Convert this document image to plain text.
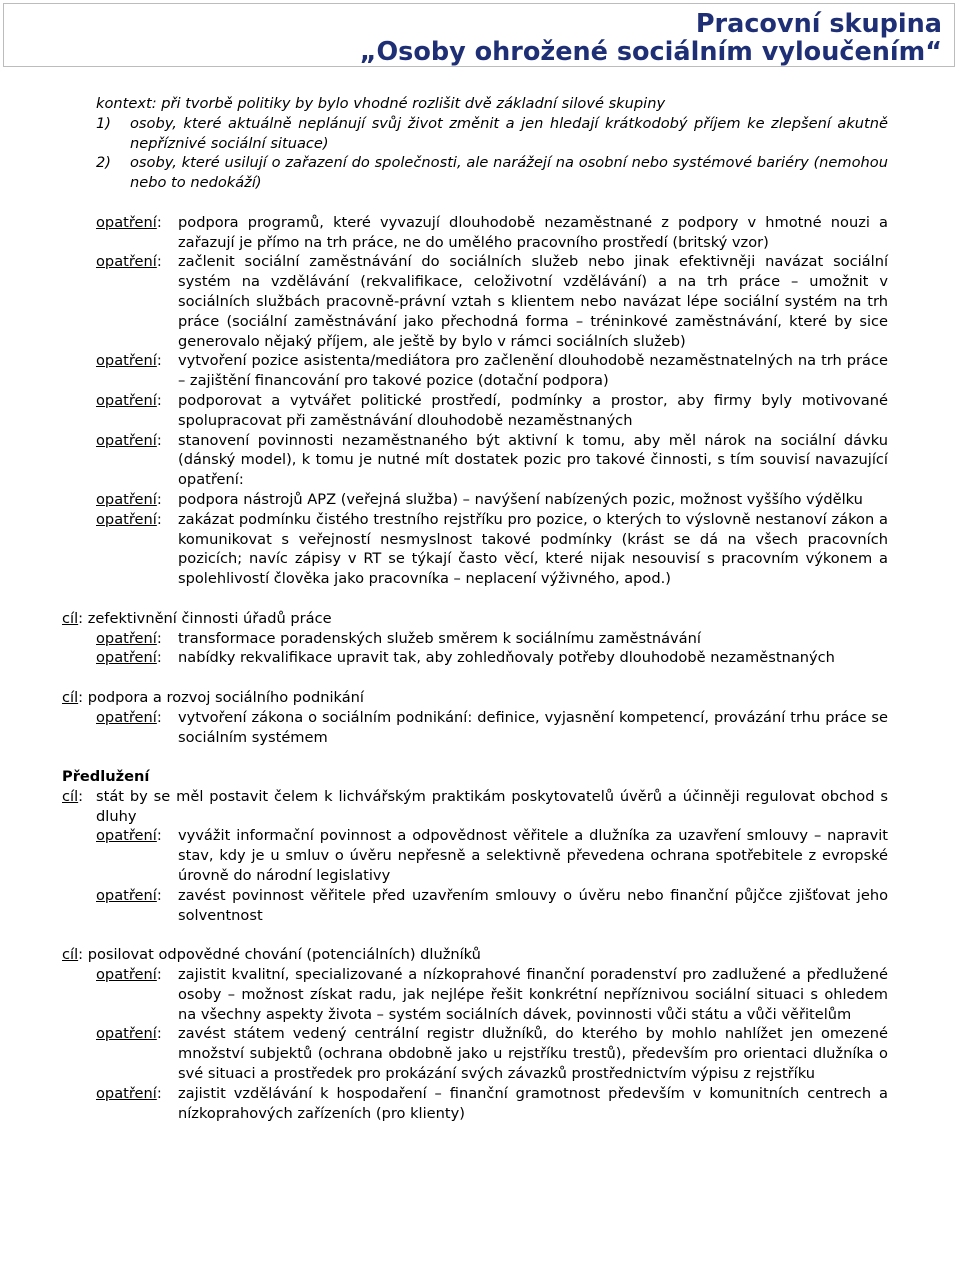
Pracovní skupina
„Osoby ohrožené sociálním vyloučením“
kontext: při tvorbě politiky by bylo vhodné rozlišit dvě základní silové skupiny
1)	osoby, které aktuálně neplánují svůj život změnit a jen hledají krátkodobý příjem ke zlepšení akutně nepříznivé sociální situace)
2)	osoby, které usilují o zařazení do společnosti, ale narážejí na osobní nebo systémové bariéry (nemohou nebo to nedokáží)
opatření:	podpora programů, které vyvazují dlouhodobě nezaměstnané z podpory v hmotné nouzi a zařazují je přímo na trh práce, ne do umělého pracovního prostředí (britský vzor)
opatření:	začlenit sociální zaměstnávání do sociálních služeb nebo jinak efektivněji navázat sociální systém na vzdělávání (rekvalifikace, celoživotní vzdělávání) a na trh práce – umožnit v sociálních službách pracovně-právní vztah s klientem nebo navázat lépe sociální systém na trh práce (sociální zaměstnávání jako přechodná forma – tréninkové zaměstnávání, které by sice generovalo nějaký příjem, ale ještě by bylo v rámci sociálních služeb)
opatření:	vytvoření pozice asistenta/mediátora pro začlenění dlouhodobě nezaměstnatelných na trh práce – zajištění financování pro takové pozice (dotační podpora)
opatření:	podporovat a vytvářet politické prostředí, podmínky a prostor, aby firmy byly motivované spolupracovat při zaměstnávání dlouhodobě nezaměstnaných
opatření:	stanovení povinnosti nezaměstnaného být aktivní k tomu, aby měl nárok na sociální dávku (dánský model), k tomu je nutné mít dostatek pozic pro takové činnosti, s tím souvisí navazující opatření:
opatření:	podpora nástrojů APZ (veřejná služba) – navýšení nabízených pozic, možnost vyššího výdělku
opatření:	zakázat podmínku čistého trestního rejstříku pro pozice, o kterých to výslovně nestanoví zákon a komunikovat s veřejností nesmyslnost takové podmínky (krást se dá na všech pracovních pozicích; navíc zápisy v RT se týkají často věcí, které nijak nesouvisí s pracovním výkonem a spolehlivostí člověka jako pracovníka – neplacení výživného, apod.)
cíl: zefektivnění činnosti úřadů práce
opatření:	transformace poradenských služeb směrem k sociálnímu zaměstnávání
opatření:	nabídky rekvalifikace upravit tak, aby zohledňovaly potřeby dlouhodobě nezaměstnaných
cíl: podpora a rozvoj sociálního podnikání
opatření:	vytvoření zákona o sociálním podnikání: definice, vyjasnění kompetencí, provázání trhu práce se sociálním systémem
Předlužení
cíl: stát by se měl postavit čelem k lichvářským praktikám poskytovatelů úvěrů a účinněji regulovat obchod s dluhy
opatření:	vyvážit informační povinnost a odpovědnost věřitele a dlužníka za uzavření smlouvy – napravit stav, kdy je u smluv o úvěru nepřesně a selektivně převedena ochrana spotřebitele z evropské úrovně do národní legislativy
opatření:	zavést povinnost věřitele před uzavřením smlouvy o úvěru nebo finanční půjčce zjišťovat jeho solventnost
cíl: posilovat odpovědné chování (potenciálních) dlužníků
opatření:	zajistit kvalitní, specializované a nízkoprahové finanční poradenství pro zadlužené a předlužené osoby – možnost získat radu, jak nejlépe řešit konkrétní nepříznivou sociální situaci s ohledem na všechny aspekty života – systém sociálních dávek, povinnosti vůči státu a vůči věřitelům
opatření:	zavést státem vedený centrální registr dlužníků, do kterého by mohlo nahlížet jen omezené množství subjektů (ochrana obdobně jako u rejstříku trestů), především pro orientaci dlužníka o své situaci a prostředek pro prokázání svých závazků prostřednictvím výpisu z rejstříku
opatření:	zajistit vzdělávání k hospodaření – finanční gramotnost především v komunitních centrech a nízkoprahových zařízeních (pro klienty)
